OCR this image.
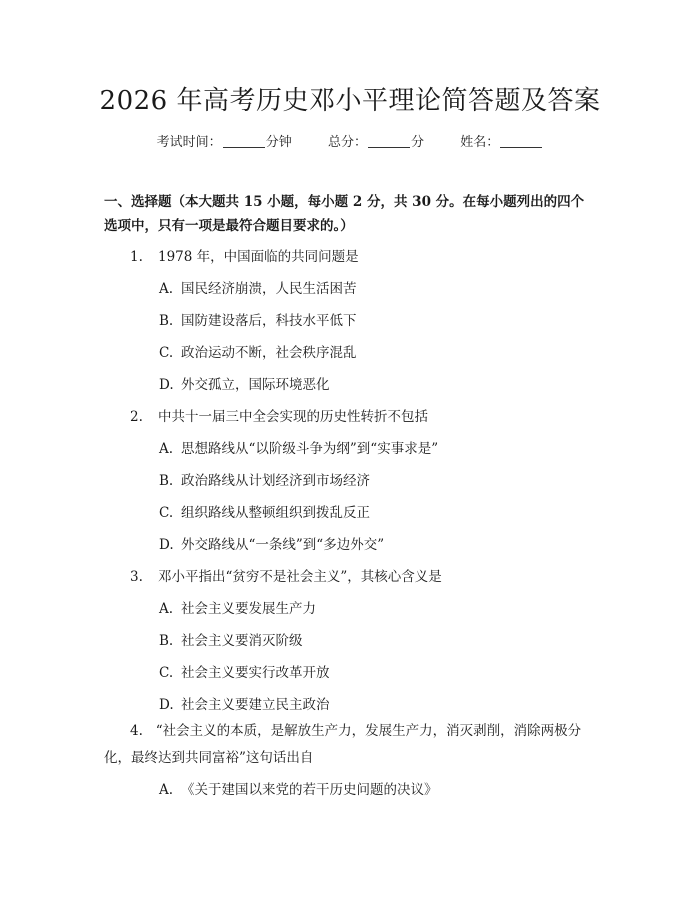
2026 年高考历史邓小平理论简答题及答案
考试时间：	分钟	总分：	分	姓名：
一、选择题（本大题共 15 小题，每小题 2 分，共 30 分。在每小题列出的四个选项中，只有一项是最符合题目要求的。）
1. 1978 年，中国面临的共同问题是
A. 国民经济崩溃，人民生活困苦
B. 国防建设落后，科技水平低下
C. 政治运动不断，社会秩序混乱
D. 外交孤立，国际环境恶化
2. 中共十一届三中全会实现的历史性转折不包括
A. 思想路线从“以阶级斗争为纲”到“实事求是”
B. 政治路线从计划经济到市场经济
C. 组织路线从整顿组织到拨乱反正
D. 外交路线从“一条线”到“多边外交”
3. 邓小平指出“贫穷不是社会主义”，其核心含义是
A. 社会主义要发展生产力
B. 社会主义要消灭阶级
C. 社会主义要实行改革开放
D. 社会主义要建立民主政治
4. “社会主义的本质，是解放生产力，发展生产力，消灭剥削，消除两极分化，最终达到共同富裕”这句话出自
A. 《关于建国以来党的若干历史问题的决议》
